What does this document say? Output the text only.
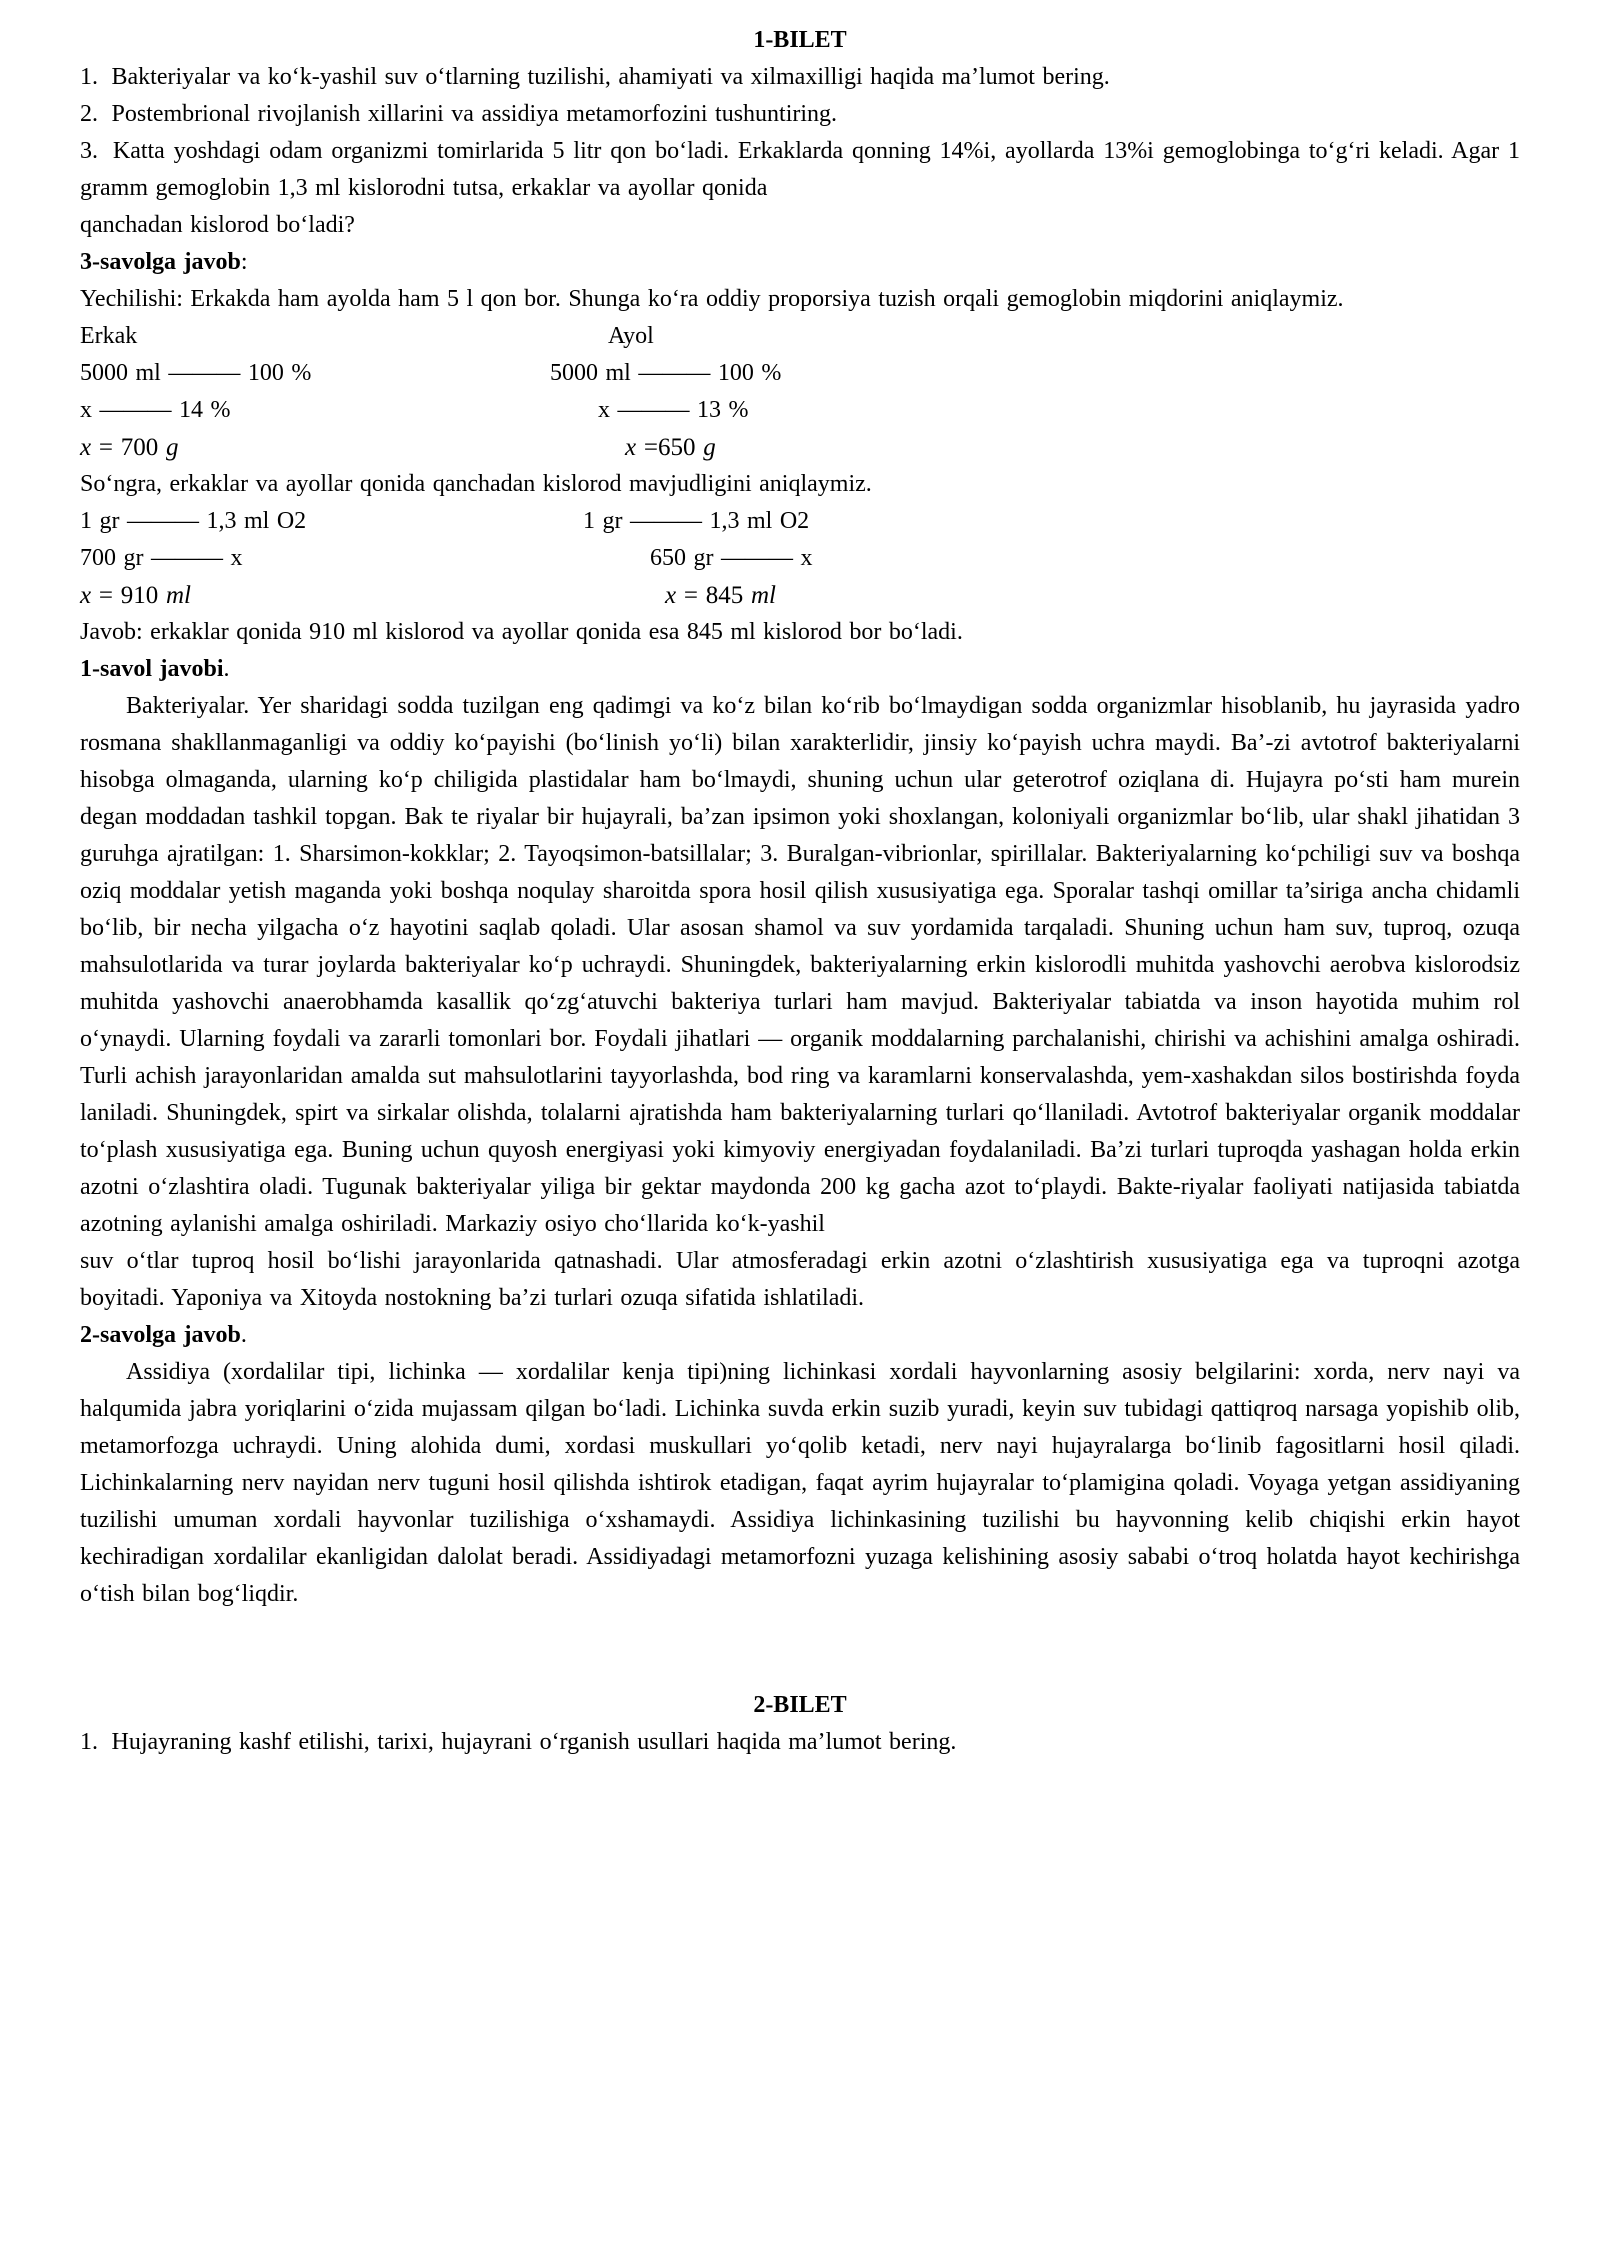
1-BILET

1. Bakteriyalar va koʻk-yashil suv oʻtlarning tuzilishi, ahamiyati va xilmaxilligi haqida ma’lumot bering.

2. Postembrional rivojlanish xillarini va assidiya metamorfozini tushuntiring.

3. Katta yoshdagi odam organizmi tomirlarida 5 litr qon boʻladi. Erkaklarda qonning 14%i, ayollarda 13%i gemoglobinga toʻgʻri keladi. Agar 1 gramm gemoglobin 1,3 ml kislorodni tutsa, erkaklar va ayollar qonida

qanchadan kislorod boʻladi?

3-savolga javob:

Yechilishi: Erkakda ham ayolda ham 5 l qon bor. Shunga koʻra oddiy proporsiya tuzish orqali gemoglobin miqdorini aniqlaymiz.

Erkak	Ayol
5000 ml ——— 100 %	5000 ml ——— 100 %
x ——— 14 %	x ——— 13 %
x = 700 g	x =650 g

Soʻngra, erkaklar va ayollar qonida qanchadan kislorod mavjudligini aniqlaymiz.

1 gr ——— 1,3 ml O2	1 gr ——— 1,3 ml O2
700 gr ——— x	650 gr ——— x
x = 910 ml	x = 845 ml

Javob: erkaklar qonida 910 ml kislorod va ayollar qonida esa 845 ml kislorod bor boʻladi.

1-savol javobi.

Bakteriyalar. Yer sharidagi sodda tuzilgan eng qadimgi va koʻz bilan koʻrib boʻlmaydigan sodda organizmlar hisoblanib, hu jayrasida yadro rosmana shakllanmaganligi va oddiy koʻpayishi (boʻlinish yoʻli) bilan xarakterlidir, jinsiy koʻpayish uchra maydi. Ba’-zi avtotrof bakteriyalarni hisobga olmaganda, ularning koʻp chiligida plastidalar ham boʻlmaydi, shuning uchun ular geterotrof oziqlana di. Hujayra poʻsti ham murein degan moddadan tashkil topgan. Bak te riyalar bir hujayrali, ba’zan ipsimon yoki shoxlangan, koloniyali organizmlar boʻlib, ular shakl jihatidan 3 guruhga ajratilgan: 1. Sharsimon-kokklar; 2. Tayoqsimon-batsillalar; 3. Buralgan-vibrionlar, spirillalar. Bakteriyalarning koʻpchiligi suv va boshqa oziq moddalar yetish maganda yoki boshqa noqulay sharoitda spora hosil qilish xususiyatiga ega. Sporalar tashqi omillar ta’siriga ancha chidamli boʻlib, bir necha yilgacha oʻz hayotini saqlab qoladi. Ular asosan shamol va suv yordamida tarqaladi. Shuning uchun ham suv, tuproq, ozuqa mahsulotlarida va turar joylarda bakteriyalar koʻp uchraydi. Shuningdek, bakteriyalarning erkin kislorodli muhitda yashovchi aerobva kislorodsiz muhitda yashovchi anaerobhamda kasallik qoʻzgʻatuvchi bakteriya turlari ham mavjud. Bakteriyalar tabiatda va inson hayotida muhim rol oʻynaydi. Ularning foydali va zararli tomonlari bor. Foydali jihatlari — organik moddalarning parchalanishi, chirishi va achishini amalga oshiradi. Turli achish jarayonlaridan amalda sut mahsulotlarini tayyorlashda, bod ring va karamlarni konservalashda, yem-xashakdan silos bostirishda foyda laniladi. Shuningdek, spirt va sirkalar olishda, tolalarni ajratishda ham bakteriyalarning turlari qoʻllaniladi. Avtotrof bakteriyalar organik moddalar toʻplash xususiyatiga ega. Buning uchun quyosh energiyasi yoki kimyoviy energiyadan foydalaniladi. Ba’zi turlari tuproqda yashagan holda erkin azotni oʻzlashtira oladi. Tugunak bakteriyalar yiliga bir gektar maydonda 200 kg gacha azot toʻplaydi. Bakte-riyalar faoliyati natijasida tabiatda azotning aylanishi amalga oshiriladi. Markaziy osiyo choʻllarida koʻk-yashil

suv oʻtlar tuproq hosil boʻlishi jarayonlarida qatnashadi. Ular atmosferadagi erkin azotni oʻzlashtirish xususiyatiga ega va tuproqni azotga boyitadi. Yaponiya va Xitoyda nostokning ba’zi turlari ozuqa sifatida ishlatiladi.

2-savolga javob.

Assidiya (xordalilar tipi, lichinka — xordalilar kenja tipi)ning lichinkasi xordali hayvonlarning asosiy belgilarini: xorda, nerv nayi va halqumida jabra yoriqlarini oʻzida mujassam qilgan boʻladi. Lichinka suvda erkin suzib yuradi, keyin suv tubidagi qattiqroq narsaga yopishib olib, metamorfozga uchraydi. Uning alohida dumi, xordasi muskullari yoʻqolib ketadi, nerv nayi hujayralarga boʻlinib fagositlarni hosil qiladi. Lichinkalarning nerv nayidan nerv tuguni hosil qilishda ishtirok etadigan, faqat ayrim hujayralar toʻplamigina qoladi. Voyaga yetgan assidiyaning tuzilishi umuman xordali hayvonlar tuzilishiga oʻxshamaydi. Assidiya lichinkasining tuzilishi bu hayvonning kelib chiqishi erkin hayot kechiradigan xordalilar ekanligidan dalolat beradi. Assidiyadagi metamorfozni yuzaga kelishining asosiy sababi oʻtroq holatda hayot kechirishga oʻtish bilan bogʻliqdir.

2-BILET

1. Hujayraning kashf etilishi, tarixi, hujayrani oʻrganish usullari haqida ma’lumot bering.
